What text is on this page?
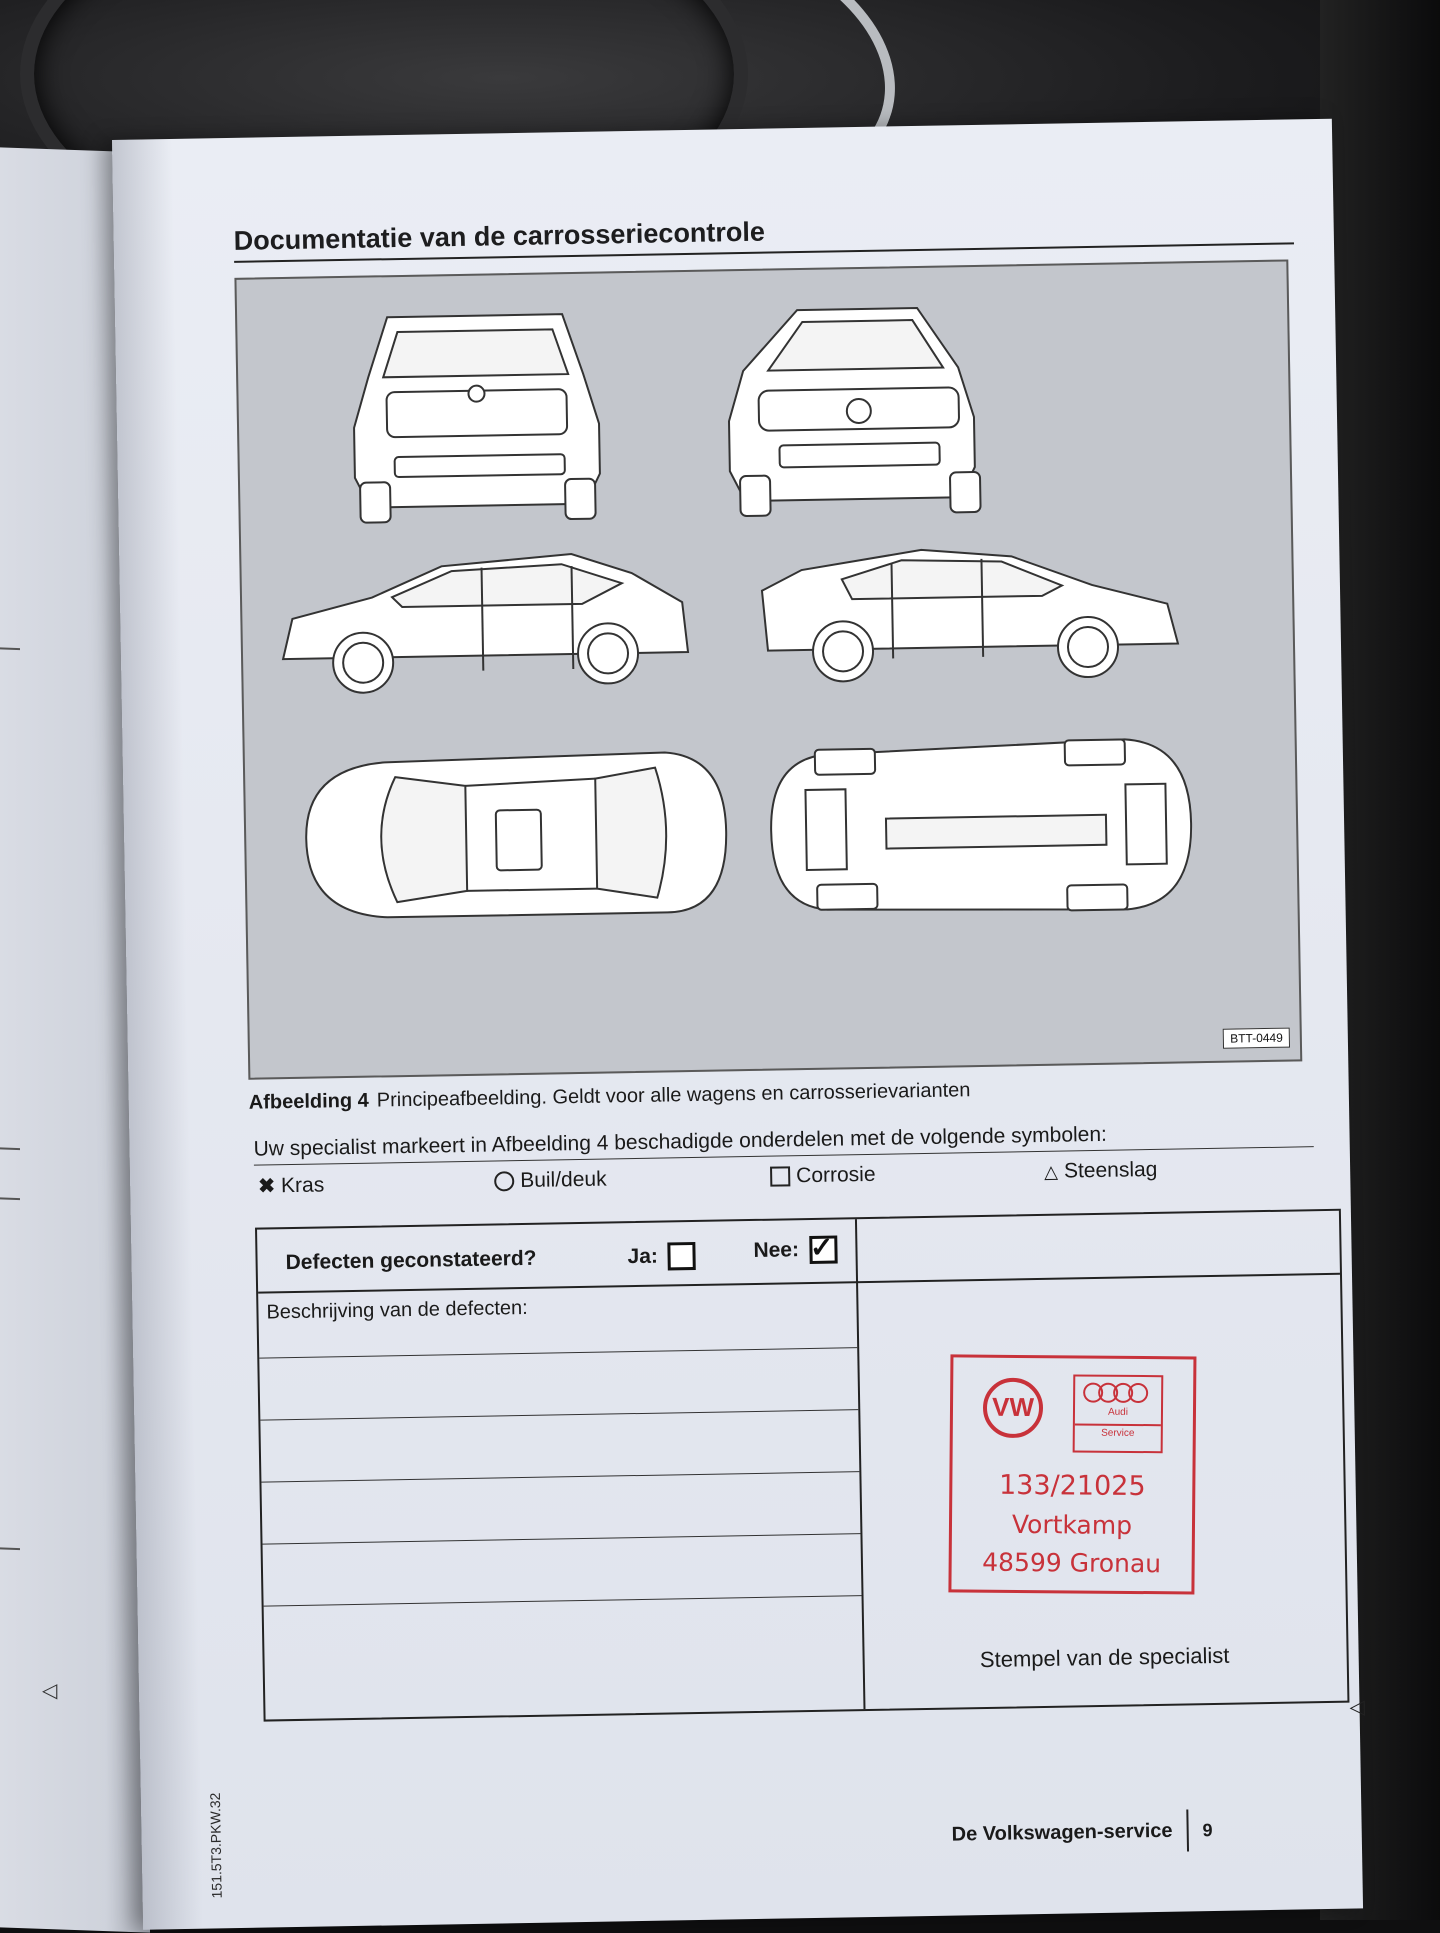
Documentatie van de carrosseriecontrole
BTT-0449
Afbeelding 4 Principeafbeelding. Geldt voor alle wagens en carrosserievarianten
Uw specialist markeert in Afbeelding 4 beschadigde onderdelen met de volgende symbolen:
✖ Kras	Buil/deuk	Corrosie	△ Steenslag
Defecten geconstateerd?	Ja:	Nee:
✓
Beschrijving van de defecten:
VW	Audi
Service
133/21025
Vortkamp
48599 Gronau
Stempel van de specialist
◁
151.5T3.PKW.32	De Volkswagen-service 9
◁
